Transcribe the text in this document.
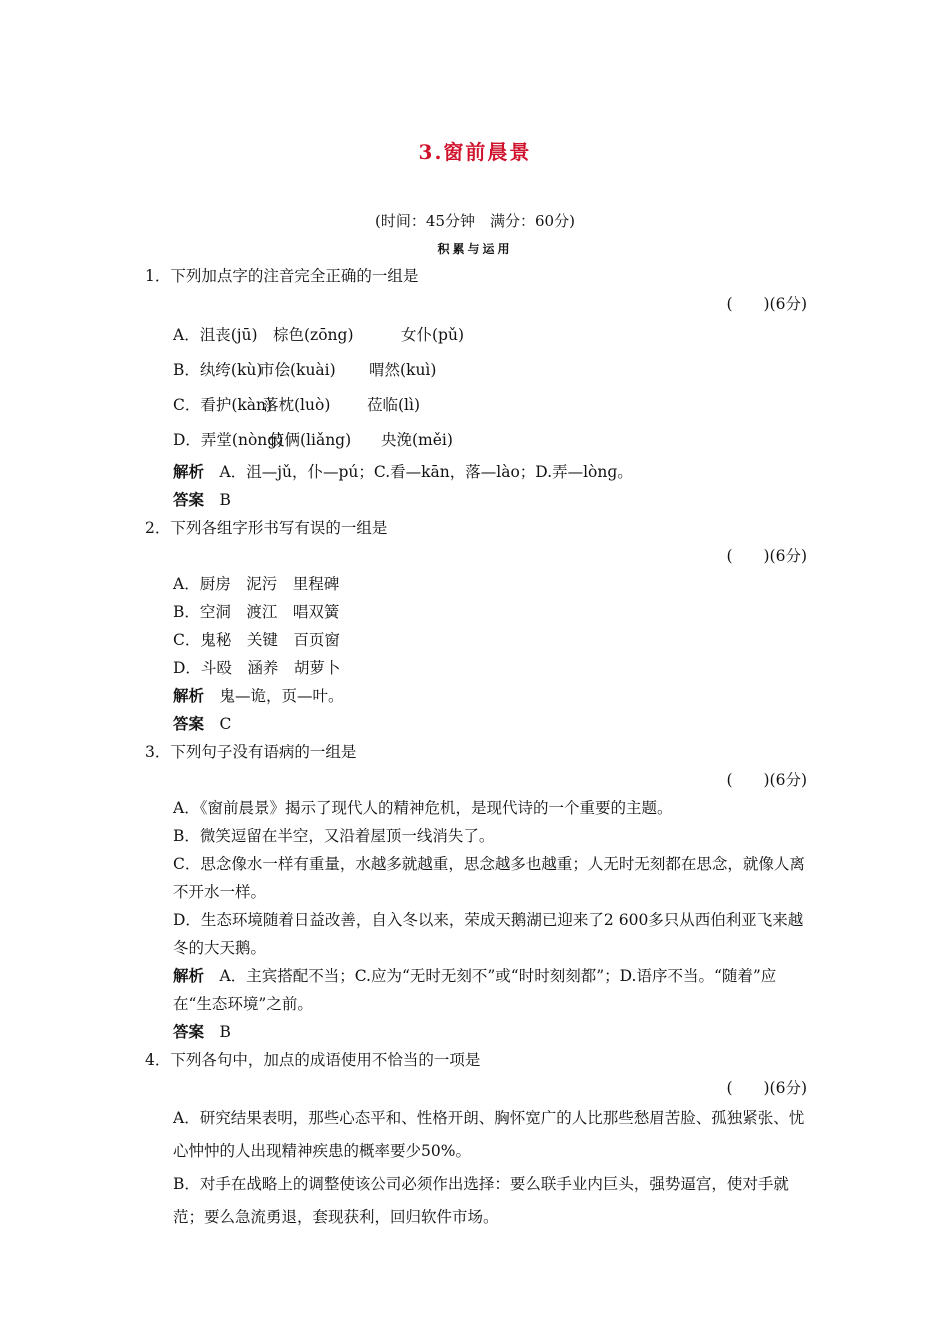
3.窗前晨景
(时间：45分钟　满分：60分)
积累与运用
1．下列加点字的注音完全正确的一组是
(　　)(6分)
A．沮丧(jū) 棕色(zōng)	女仆(pǔ)
B．纨绔(kù)市侩(kuài) 喟然(kuì)
C．看护(kàn)落枕(luò) 莅临(lì)
D．弄堂(nòng)伎俩(liǎng) 央浼(měi)
解析　 A．沮—jǔ，仆—pú；C.看—kān，落—lào；D.弄—lònɡ。
答案　 B
2．下列各组字形书写有误的一组是
(　　)(6分)
A．厨房　泥污　里程碑
B．空洞　渡江　唱双簧
C．鬼秘　关键　百页窗
D．斗殴　涵养　胡萝卜
解析　 鬼—诡，页—叶。
答案　 C
3．下列句子没有语病的一组是
(　　)(6分)
A．《窗前晨景》揭示了现代人的精神危机，是现代诗的一个重要的主题。
B．微笑逗留在半空，又沿着屋顶一线消失了。
C．思念像水一样有重量，水越多就越重，思念越多也越重；人无时无刻都在思念，就像人离不开水一样。
D．生态环境随着日益改善，自入冬以来，荣成天鹅湖已迎来了2 600多只从西伯利亚飞来越冬的大天鹅。
解析　 A．主宾搭配不当；C.应为“无时无刻不”或“时时刻刻都”；D.语序不当。“随着”应在“生态环境”之前。
答案　 B
4．下列各句中，加点的成语使用不恰当的一项是
(　　)(6分)
A．研究结果表明，那些心态平和、性格开朗、胸怀宽广的人比那些愁眉苦脸、孤独紧张、忧心忡忡的人出现精神疾患的概率要少50%。
B．对手在战略上的调整使该公司必须作出选择：要么联手业内巨头，强势逼宫，使对手就范；要么急流勇退，套现获利，回归软件市场。
